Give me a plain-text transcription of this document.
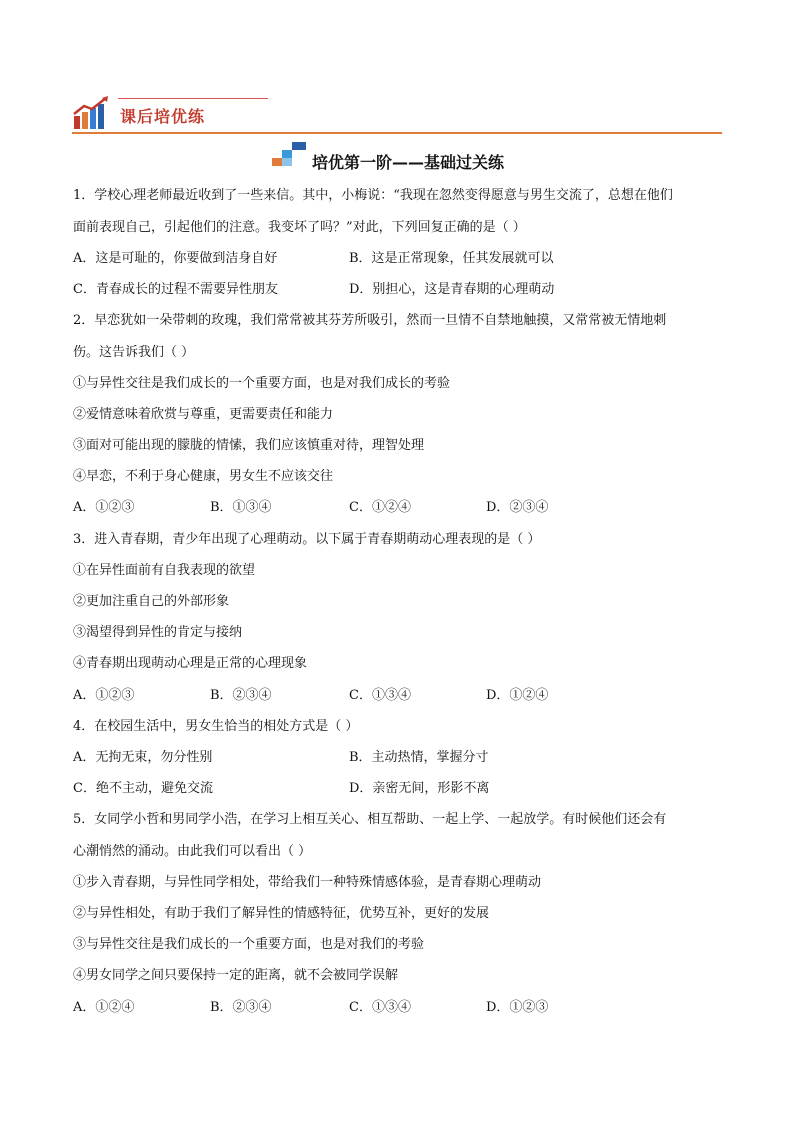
课后培优练
培优第一阶——基础过关练
1．学校心理老师最近收到了一些来信。其中，小梅说：“我现在忽然变得愿意与男生交流了，总想在他们
面前表现自己，引起他们的注意。我变坏了吗？”对此，下列回复正确的是（ ）
A．这是可耻的，你要做到洁身自好	B．这是正常现象，任其发展就可以
C．青春成长的过程不需要异性朋友	D．别担心，这是青春期的心理萌动
2．早恋犹如一朵带刺的玫瑰，我们常常被其芬芳所吸引，然而一旦情不自禁地触摸，又常常被无情地刺
伤。这告诉我们（ ）
①与异性交往是我们成长的一个重要方面，也是对我们成长的考验
②爱情意味着欣赏与尊重，更需要责任和能力
③面对可能出现的朦胧的情愫，我们应该慎重对待，理智处理
④早恋，不利于身心健康，男女生不应该交往
A．①②③	B．①③④	C．①②④	D．②③④
3．进入青春期，青少年出现了心理萌动。以下属于青春期萌动心理表现的是（ ）
①在异性面前有自我表现的欲望
②更加注重自己的外部形象
③渴望得到异性的肯定与接纳
④青春期出现萌动心理是正常的心理现象
A．①②③	B．②③④	C．①③④	D．①②④
4．在校园生活中，男女生恰当的相处方式是（ ）
A．无拘无束，勿分性别	B．主动热情，掌握分寸
C．绝不主动，避免交流	D．亲密无间，形影不离
5．女同学小哲和男同学小浩，在学习上相互关心、相互帮助、一起上学、一起放学。有时候他们还会有
心潮悄然的涌动。由此我们可以看出（ ）
①步入青春期，与异性同学相处，带给我们一种特殊情感体验，是青春期心理萌动
②与异性相处，有助于我们了解异性的情感特征，优势互补，更好的发展
③与异性交往是我们成长的一个重要方面，也是对我们的考验
④男女同学之间只要保持一定的距离，就不会被同学误解
A．①②④	B．②③④	C．①③④	D．①②③
